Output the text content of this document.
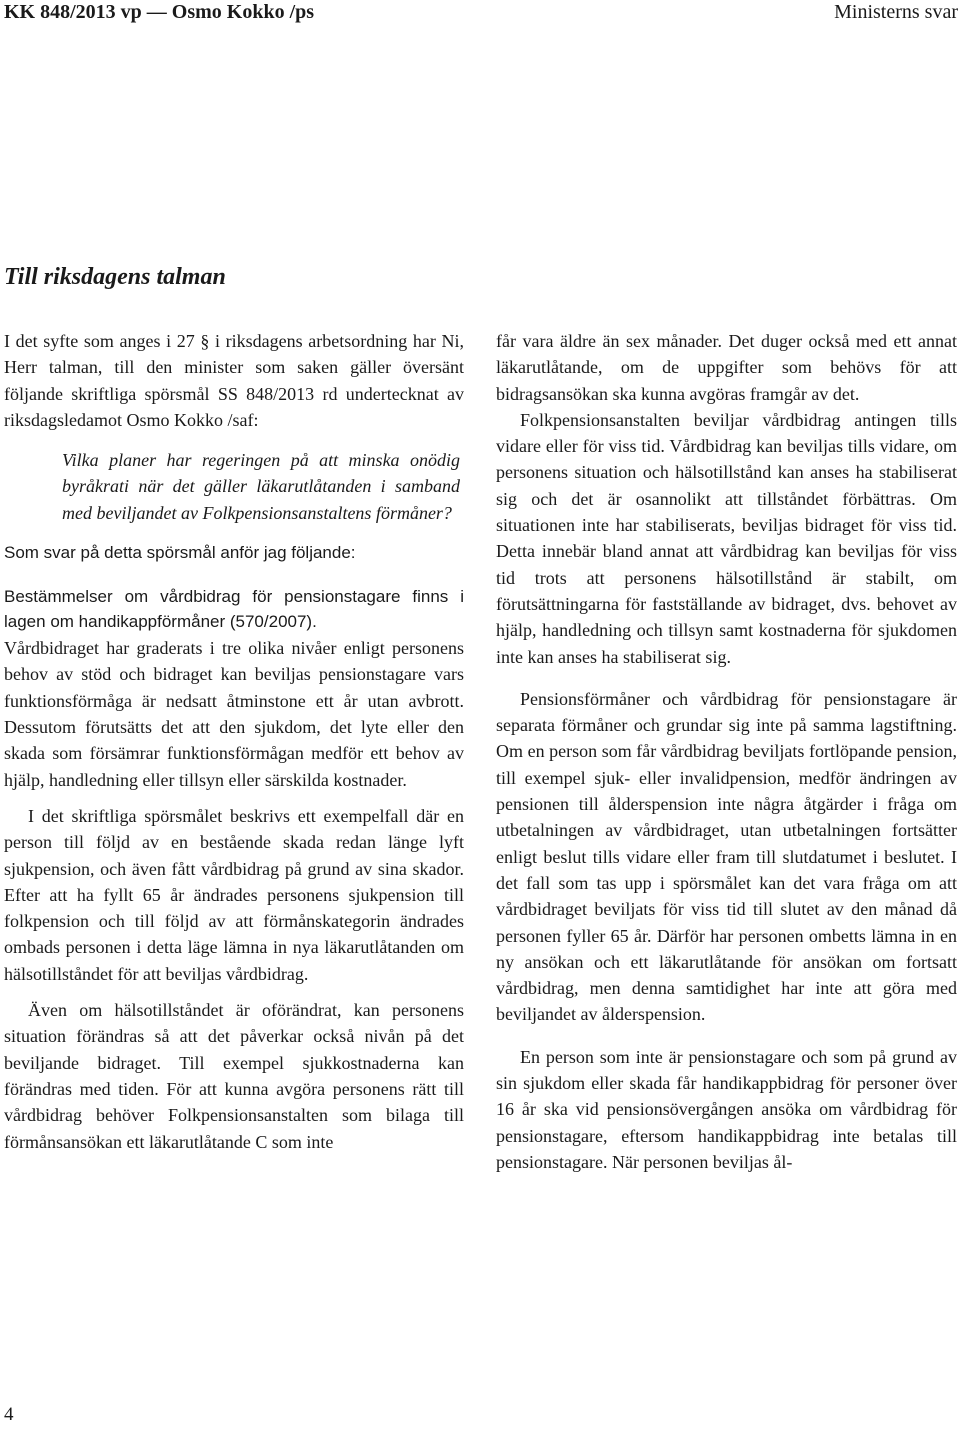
KK 848/2013 vp — Osmo Kokko /ps	Ministerns svar
Till riksdagens talman

I det syfte som anges i 27 § i riksdagens arbetsordning har Ni, Herr talman, till den minister som saken gäller översänt följande skriftliga spörsmål SS 848/2013 rd undertecknat av riksdagsledamot Osmo Kokko /saf:

Vilka planer har regeringen på att minska onödig byråkrati när det gäller läkarutlåtanden i samband med beviljandet av Folkpensionsanstaltens förmåner?

Som svar på detta spörsmål anför jag följande:

Bestämmelser om vårdbidrag för pensionstagare finns i lagen om handikappförmåner (570/2007).

Vårdbidraget har graderats i tre olika nivåer enligt personens behov av stöd och bidraget kan beviljas pensionstagare vars funktionsförmåga är nedsatt åtminstone ett år utan avbrott. Dessutom förutsätts det att den sjukdom, det lyte eller den skada som försämrar funktionsförmågan medför ett behov av hjälp, handledning eller tillsyn eller särskilda kostnader.

I det skriftliga spörsmålet beskrivs ett exempelfall där en person till följd av en bestående skada redan länge lyft sjukpension, och även fått vårdbidrag på grund av sina skador. Efter att ha fyllt 65 år ändrades personens sjukpension till folkpension och till följd av att förmånskategorin ändrades ombads personen i detta läge lämna in nya läkarutlåtanden om hälsotillståndet för att beviljas vårdbidrag.

Även om hälsotillståndet är oförändrat, kan personens situation förändras så att det påverkar också nivån på det beviljande bidraget. Till exempel sjukkostnaderna kan förändras med tiden. För att kunna avgöra personens rätt till vårdbidrag behöver Folkpensionsanstalten som bilaga till förmånsansökan ett läkarutlåtande C som inte

får vara äldre än sex månader. Det duger också med ett annat läkarutlåtande, om de uppgifter som behövs för att bidragsansökan ska kunna avgöras framgår av det.

Folkpensionsanstalten beviljar vårdbidrag antingen tills vidare eller för viss tid. Vårdbidrag kan beviljas tills vidare, om personens situation och hälsotillstånd kan anses ha stabiliserat sig och det är osannolikt att tillståndet förbättras. Om situationen inte har stabiliserats, beviljas bidraget för viss tid. Detta innebär bland annat att vårdbidrag kan beviljas för viss tid trots att personens hälsotillstånd är stabilt, om förutsättningarna för fastställande av bidraget, dvs. behovet av hjälp, handledning och tillsyn samt kostnaderna för sjukdomen inte kan anses ha stabiliserat sig.

Pensionsförmåner och vårdbidrag för pensionstagare är separata förmåner och grundar sig inte på samma lagstiftning. Om en person som får vårdbidrag beviljats fortlöpande pension, till exempel sjuk- eller invalidpension, medför ändringen av pensionen till ålderspension inte några åtgärder i fråga om utbetalningen av vårdbidraget, utan utbetalningen fortsätter enligt beslut tills vidare eller fram till slutdatumet i beslutet. I det fall som tas upp i spörsmålet kan det vara fråga om att vårdbidraget beviljats för viss tid till slutet av den månad då personen fyller 65 år. Därför har personen ombetts lämna in en ny ansökan och ett läkarutlåtande för ansökan om fortsatt vårdbidrag, men denna samtidighet har inte att göra med beviljandet av ålderspension.

En person som inte är pensionstagare och som på grund av sin sjukdom eller skada får handikappbidrag för personer över 16 år ska vid pensionsövergången ansöka om vårdbidrag för pensionstagare, eftersom handikappbidrag inte betalas till pensionstagare. När personen beviljas ål-

4
